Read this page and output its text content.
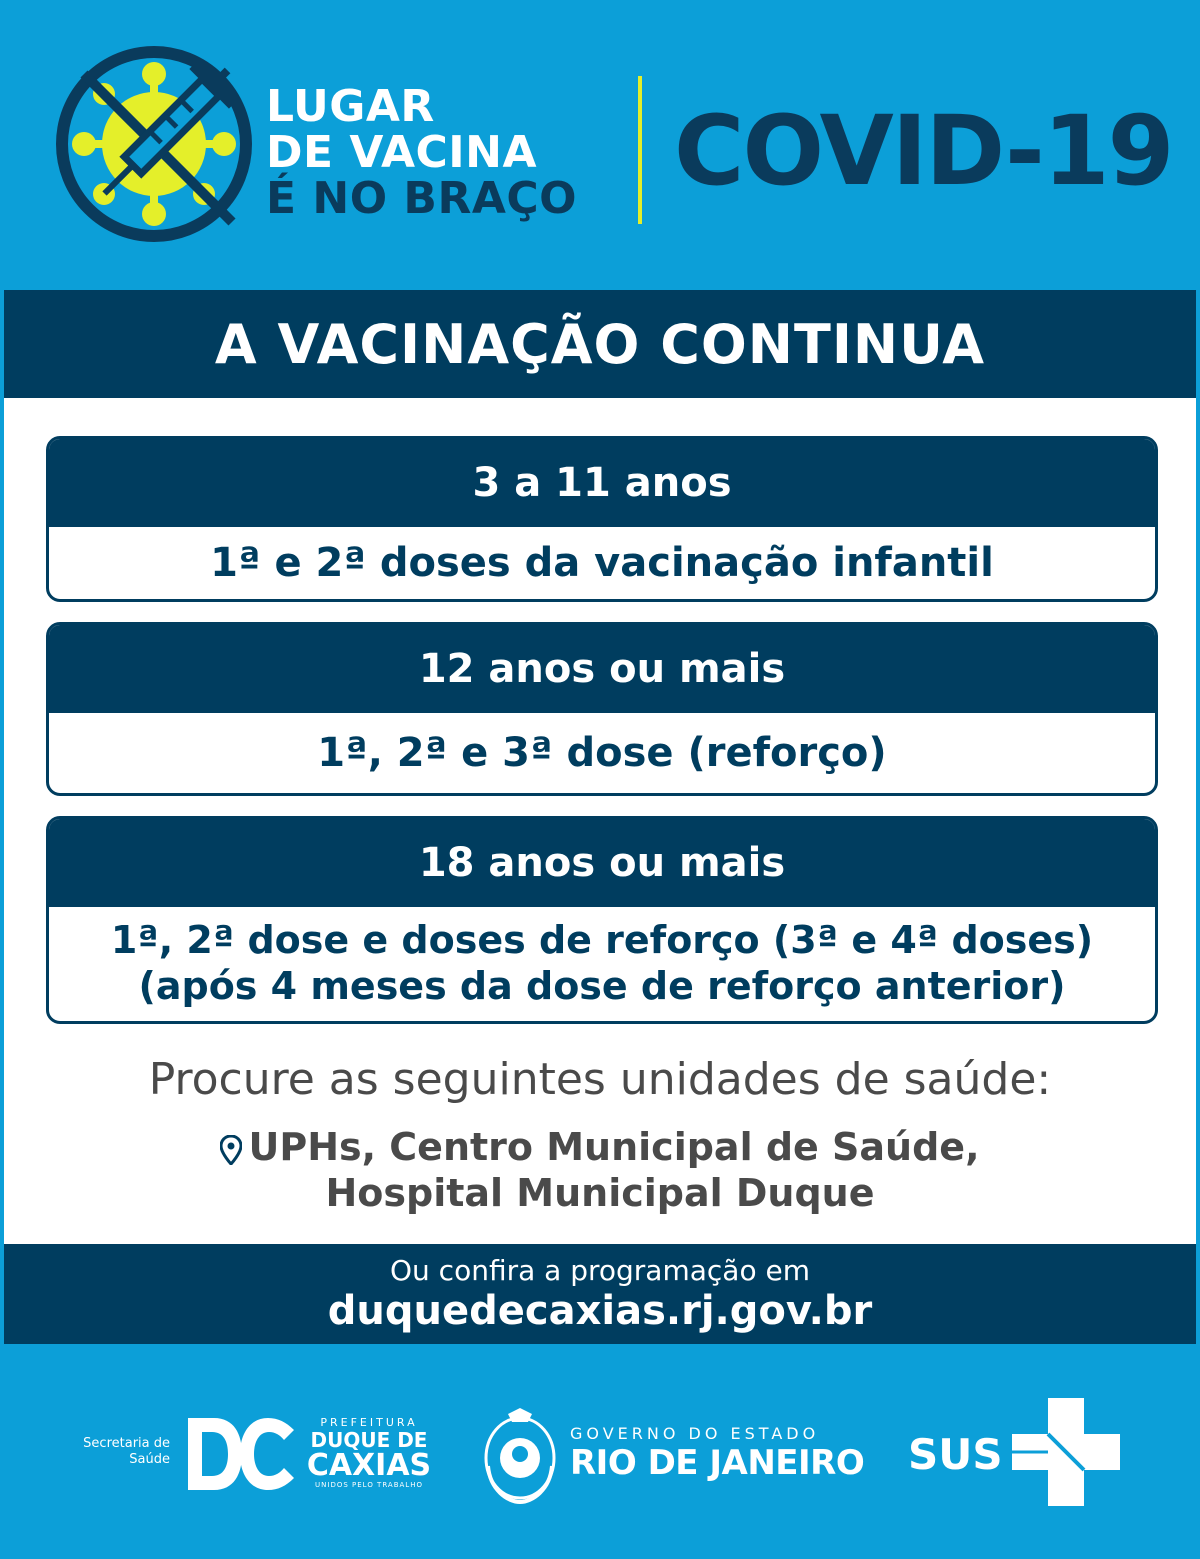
LUGAR
DE VACINA
É NO BRAÇO COVID-19
A VACINAÇÃO CONTINUA
3 a 11 anos
1ª e 2ª doses da vacinação infantil
12 anos ou mais
1ª, 2ª e 3ª dose (reforço)
18 anos ou mais
1ª, 2ª dose e doses de reforço (3ª e 4ª doses)
(após 4 meses da dose de reforço anterior)
Procure as seguintes unidades de saúde:
UPHs, Centro Municipal de Saúde,
Hospital Municipal Duque
Ou confira a programação em
duquedecaxias.rj.gov.br
Secretaria de
Saúde
PREFEITURA
DUQUE DE
CAXIAS
UNIDOS PELO TRABALHO
GOVERNO DO ESTADO
RIO DE JANEIRO SUS
